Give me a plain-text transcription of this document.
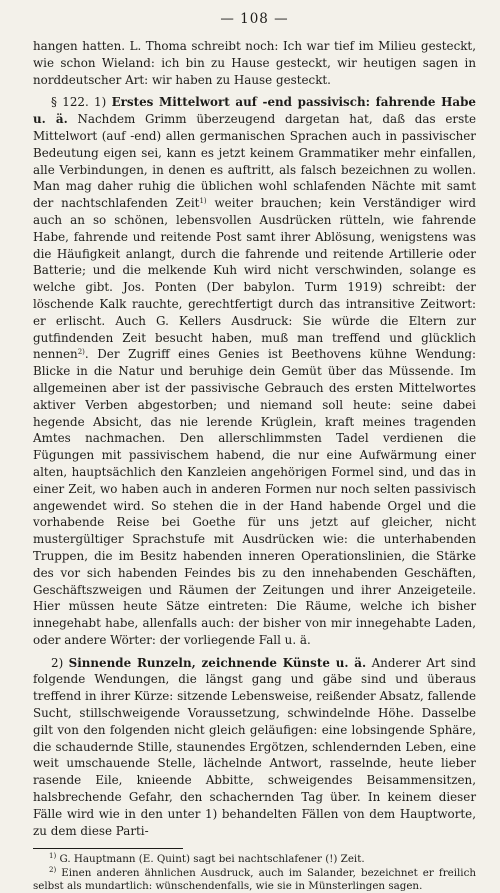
— 108 —

hangen hatten. L. Thoma schreibt noch: Ich war tief im Milieu gesteckt, wie schon Wieland: ich bin zu Hause gesteckt, wir heutigen sagen in norddeutscher Art: wir haben zu Hause gesteckt.

§ 122. 1) Erstes Mittelwort auf -end passivisch: fahrende Habe u. ä. Nachdem Grimm überzeugend dargetan hat, daß das erste Mittelwort (auf -end) allen germanischen Sprachen auch in passivischer Bedeutung eigen sei, kann es jetzt keinem Grammatiker mehr einfallen, alle Verbindungen, in denen es auftritt, als falsch bezeichnen zu wollen. Man mag daher ruhig die üblichen wohl schlafenden Nächte mit samt der nachtschlafenden Zeit$^{1)}$ weiter brauchen; kein Verständiger wird auch an so schönen, lebensvollen Ausdrücken rütteln, wie fahrende Habe, fahrende und reitende Post samt ihrer Ablösung, wenigstens was die Häufigkeit anlangt, durch die fahrende und reitende Artillerie oder Batterie; und die melkende Kuh wird nicht verschwinden, solange es welche gibt. Jos. Ponten (Der babylon. Turm 1919) schreibt: der löschende Kalk rauchte, gerechtfertigt durch das intransitive Zeitwort: er erlischt. Auch G. Kellers Ausdruck: Sie würde die Eltern zur gutfindenden Zeit besucht haben, muß man treffend und glücklich nennen$^{2)}$. Der Zugriff eines Genies ist Beethovens kühne Wendung: Blicke in die Natur und beruhige dein Gemüt über das Müssende. Im allgemeinen aber ist der passivische Gebrauch des ersten Mittelwortes aktiver Verben abgestorben; und niemand soll heute: seine dabei hegende Absicht, das nie lerende Krüglein, kraft meines tragenden Amtes nachmachen. Den allerschlimmsten Tadel verdienen die Fügungen mit passivischem habend, die nur eine Aufwärmung einer alten, hauptsächlich den Kanzleien angehörigen Formel sind, und das in einer Zeit, wo haben auch in anderen Formen nur noch selten passivisch angewendet wird. So stehen die in der Hand habende Orgel und die vorhabende Reise bei Goethe für uns jetzt auf gleicher, nicht mustergültiger Sprachstufe mit Ausdrücken wie: die unterhabenden Truppen, die im Besitz habenden inneren Operationslinien, die Stärke des vor sich habenden Feindes bis zu den innehabenden Geschäften, Geschäftszweigen und Räumen der Zeitungen und ihrer Anzeigeteile. Hier müssen heute Sätze eintreten: Die Räume, welche ich bisher innegehabt habe, allenfalls auch: der bisher von mir innegehabte Laden, oder andere Wörter: der vorliegende Fall u. ä.

2) Sinnende Runzeln, zeichnende Künste u. ä. Anderer Art sind folgende Wendungen, die längst gang und gäbe sind und überaus treffend in ihrer Kürze: sitzende Lebensweise, reißender Absatz, fallende Sucht, stillschweigende Voraussetzung, schwindelnde Höhe. Dasselbe gilt von den folgenden nicht gleich geläufigen: eine lobsingende Sphäre, die schaudernde Stille, staunendes Ergötzen, schlendernden Leben, eine weit umschauende Stelle, lächelnde Antwort, rasselnde, heute lieber rasende Eile, knieende Abbitte, schweigendes Beisammensitzen, halsbrechende Gefahr, den schachernden Tag über. In keinem dieser Fälle wird wie in den unter 1) behandelten Fällen von dem Hauptworte, zu dem diese Parti-

$^{1)}$ G. Hauptmann (E. Quint) sagt bei nachtschlafener (!) Zeit.

$^{2)}$ Einen anderen ähnlichen Ausdruck, auch im Salander, bezeichnet er freilich selbst als mundartlich: wünschendenfalls, wie sie in Münsterlingen sagen.
